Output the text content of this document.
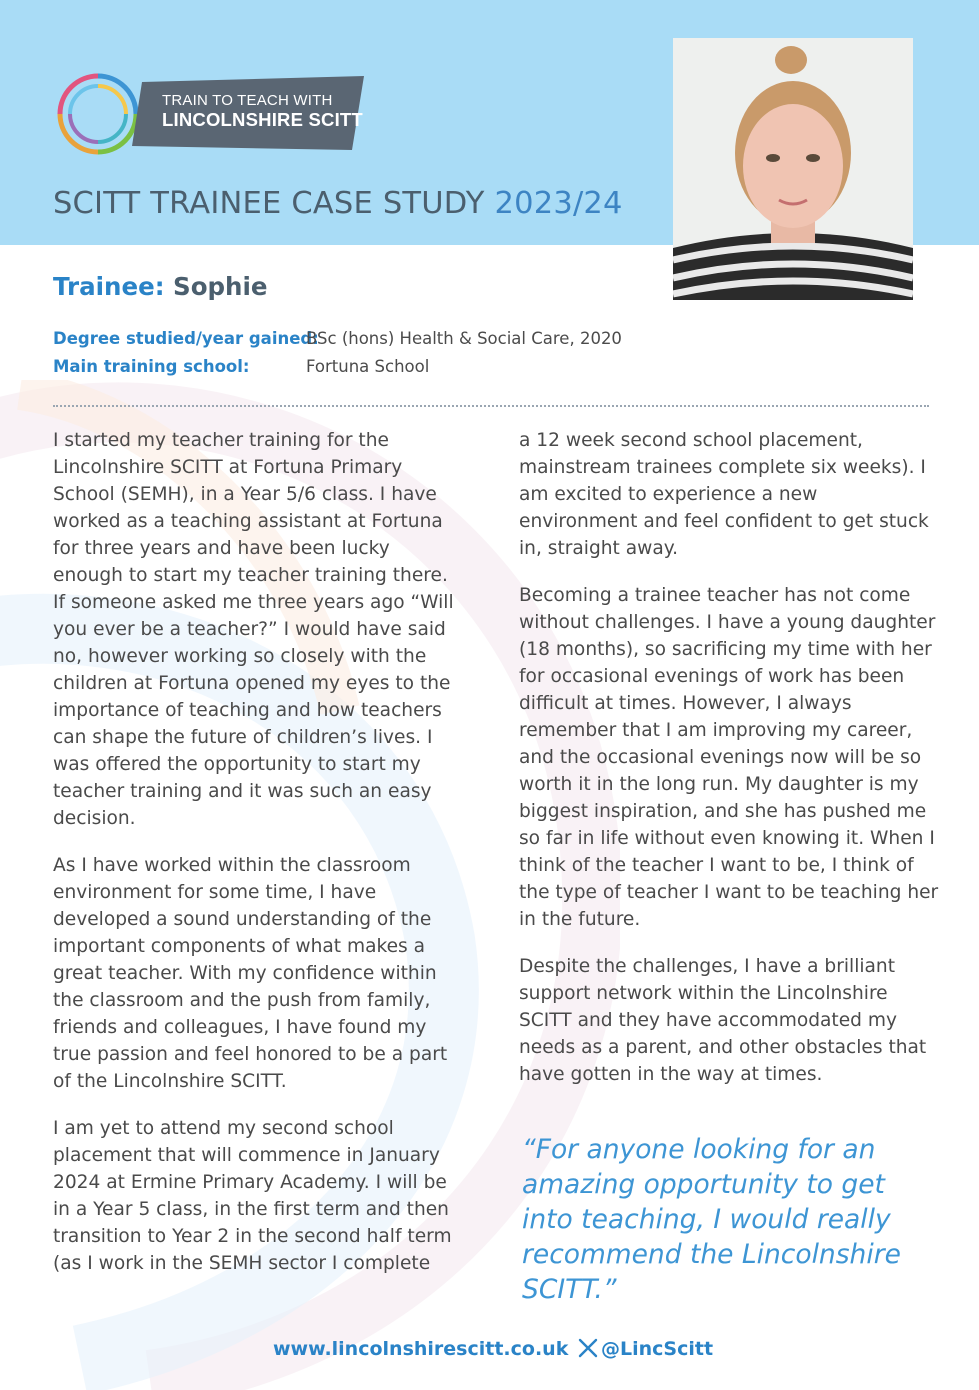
TRAIN TO TEACH WITH
LINCOLNSHIRE SCITT
SCITT TRAINEE CASE STUDY 2023/24
Trainee: Sophie
Degree studied/year gained:
BSc (hons) Health & Social Care, 2020
Main training school:	Fortuna School

I started my teacher training for the Lincolnshire SCITT at Fortuna Primary School (SEMH), in a Year 5/6 class. I have worked as a teaching assistant at Fortuna for three years and have been lucky enough to start my teacher training there. If someone asked me three years ago “Will you ever be a teacher?” I would have said no, however working so closely with the children at Fortuna opened my eyes to the importance of teaching and how teachers can shape the future of children’s lives. I was offered the opportunity to start my teacher training and it was such an easy decision.

As I have worked within the classroom environment for some time, I have developed a sound understanding of the important components of what makes a great teacher. With my confidence within the classroom and the push from family, friends and colleagues, I have found my true passion and feel honored to be a part of the Lincolnshire SCITT.

I am yet to attend my second school placement that will commence in January 2024 at Ermine Primary Academy. I will be in a Year 5 class, in the first term and then transition to Year 2 in the second half term (as I work in the SEMH sector I complete

a 12 week second school placement, mainstream trainees complete six weeks). I am excited to experience a new environment and feel confident to get stuck in, straight away.

Becoming a trainee teacher has not come without challenges. I have a young daughter (18 months), so sacrificing my time with her for occasional evenings of work has been difficult at times. However, I always remember that I am improving my career, and the occasional evenings now will be so worth it in the long run. My daughter is my biggest inspiration, and she has pushed me so far in life without even knowing it. When I think of the teacher I want to be, I think of the type of teacher I want to be teaching her in the future.

Despite the challenges, I have a brilliant support network within the Lincolnshire SCITT and they have accommodated my needs as a parent, and other obstacles that have gotten in the way at times.

“For anyone looking for an amazing opportunity to get into teaching, I would really recommend the Lincolnshire SCITT.”
www.lincolnshirescitt.co.uk	@LincScitt
